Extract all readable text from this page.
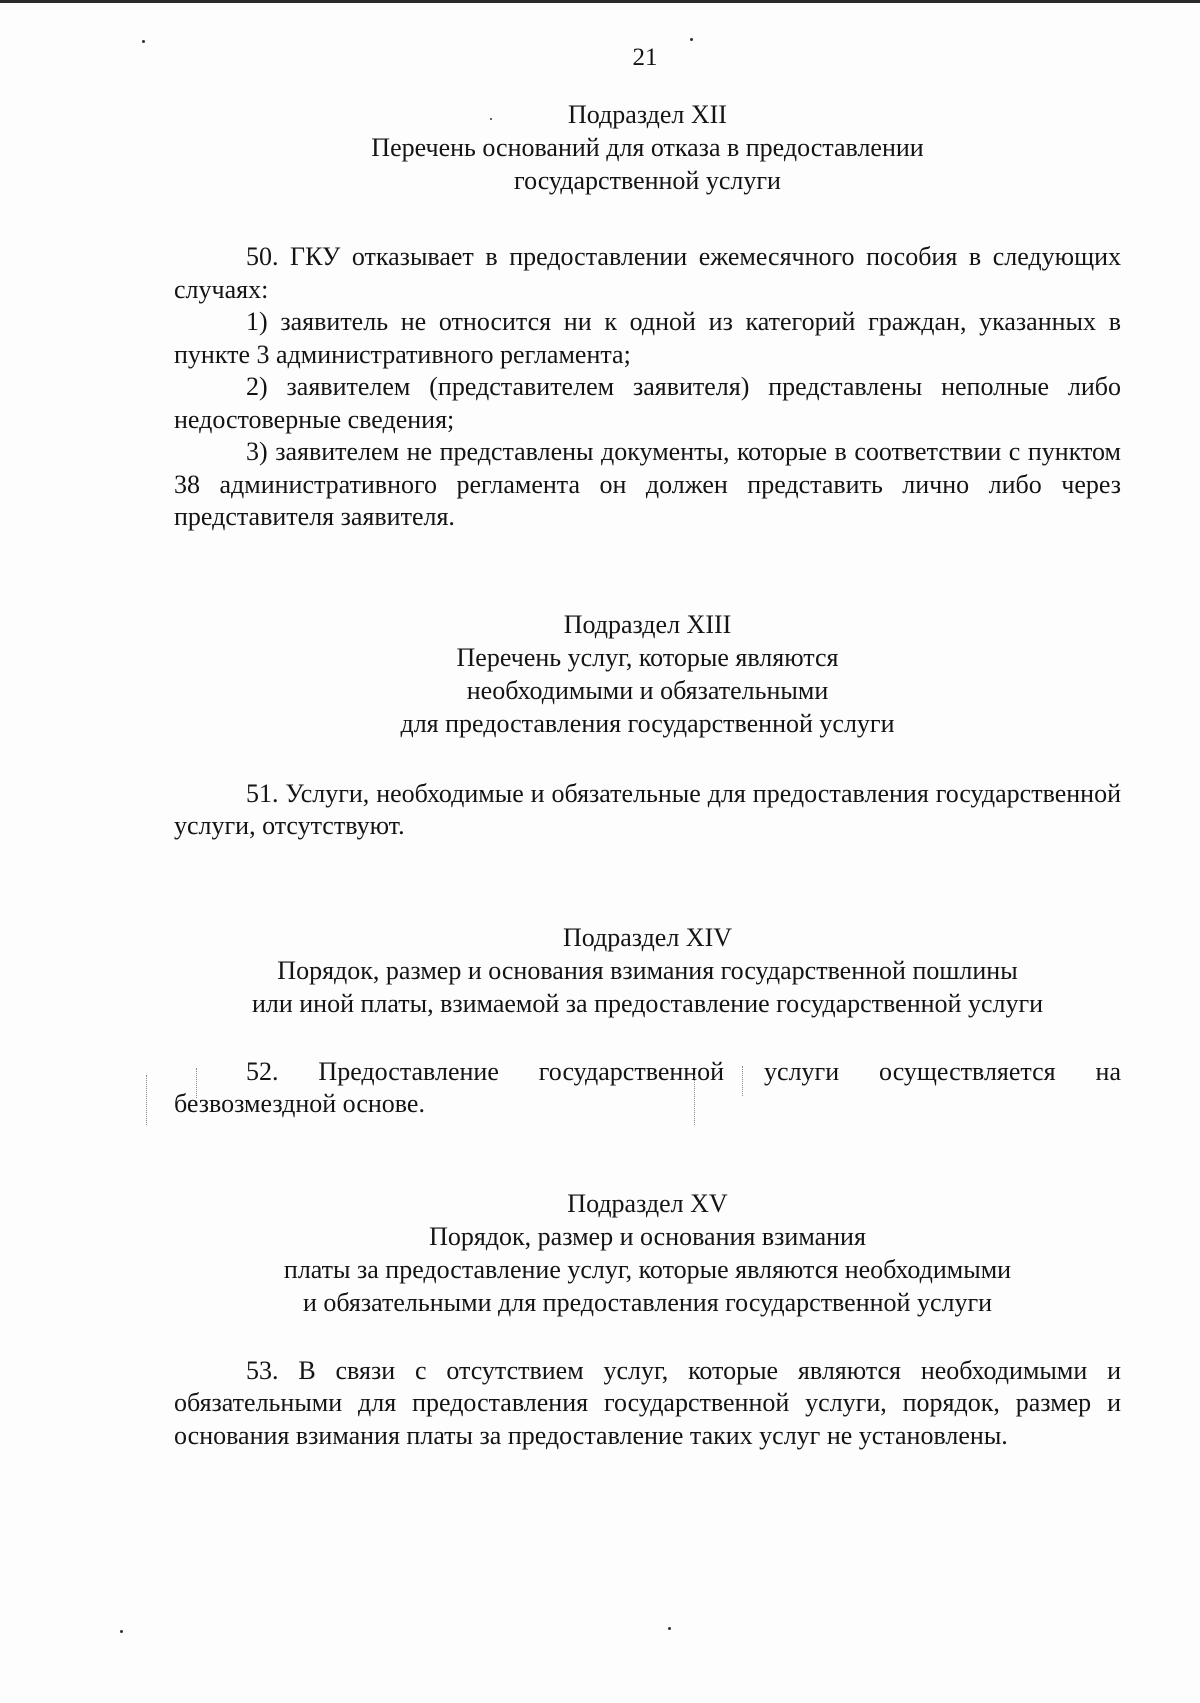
21
Подраздел XII
Перечень оснований для отказа в предоставлении
государственной услуги
50. ГКУ отказывает в предоставлении ежемесячного пособия в следующих случаях:
1) заявитель не относится ни к одной из категорий граждан, указанных в пункте 3 административного регламента;
2) заявителем (представителем заявителя) представлены неполные либо недостоверные сведения;
3) заявителем не представлены документы, которые в соответствии с пунктом 38 административного регламента он должен представить лично либо через представителя заявителя.
Подраздел XIII
Перечень услуг, которые являются
необходимыми и обязательными
для предоставления государственной услуги
51. Услуги, необходимые и обязательные для предоставления государственной услуги, отсутствуют.
Подраздел XIV
Порядок, размер и основания взимания государственной пошлины
или иной платы, взимаемой за предоставление государственной услуги
52. Предоставление государственной услуги осуществляется на безвозмездной основе.
Подраздел XV
Порядок, размер и основания взимания
платы за предоставление услуг, которые являются необходимыми
и обязательными для предоставления государственной услуги
53. В связи с отсутствием услуг, которые являются необходимыми и обязательными для предоставления государственной услуги, порядок, размер и основания взимания платы за предоставление таких услуг не установлены.
